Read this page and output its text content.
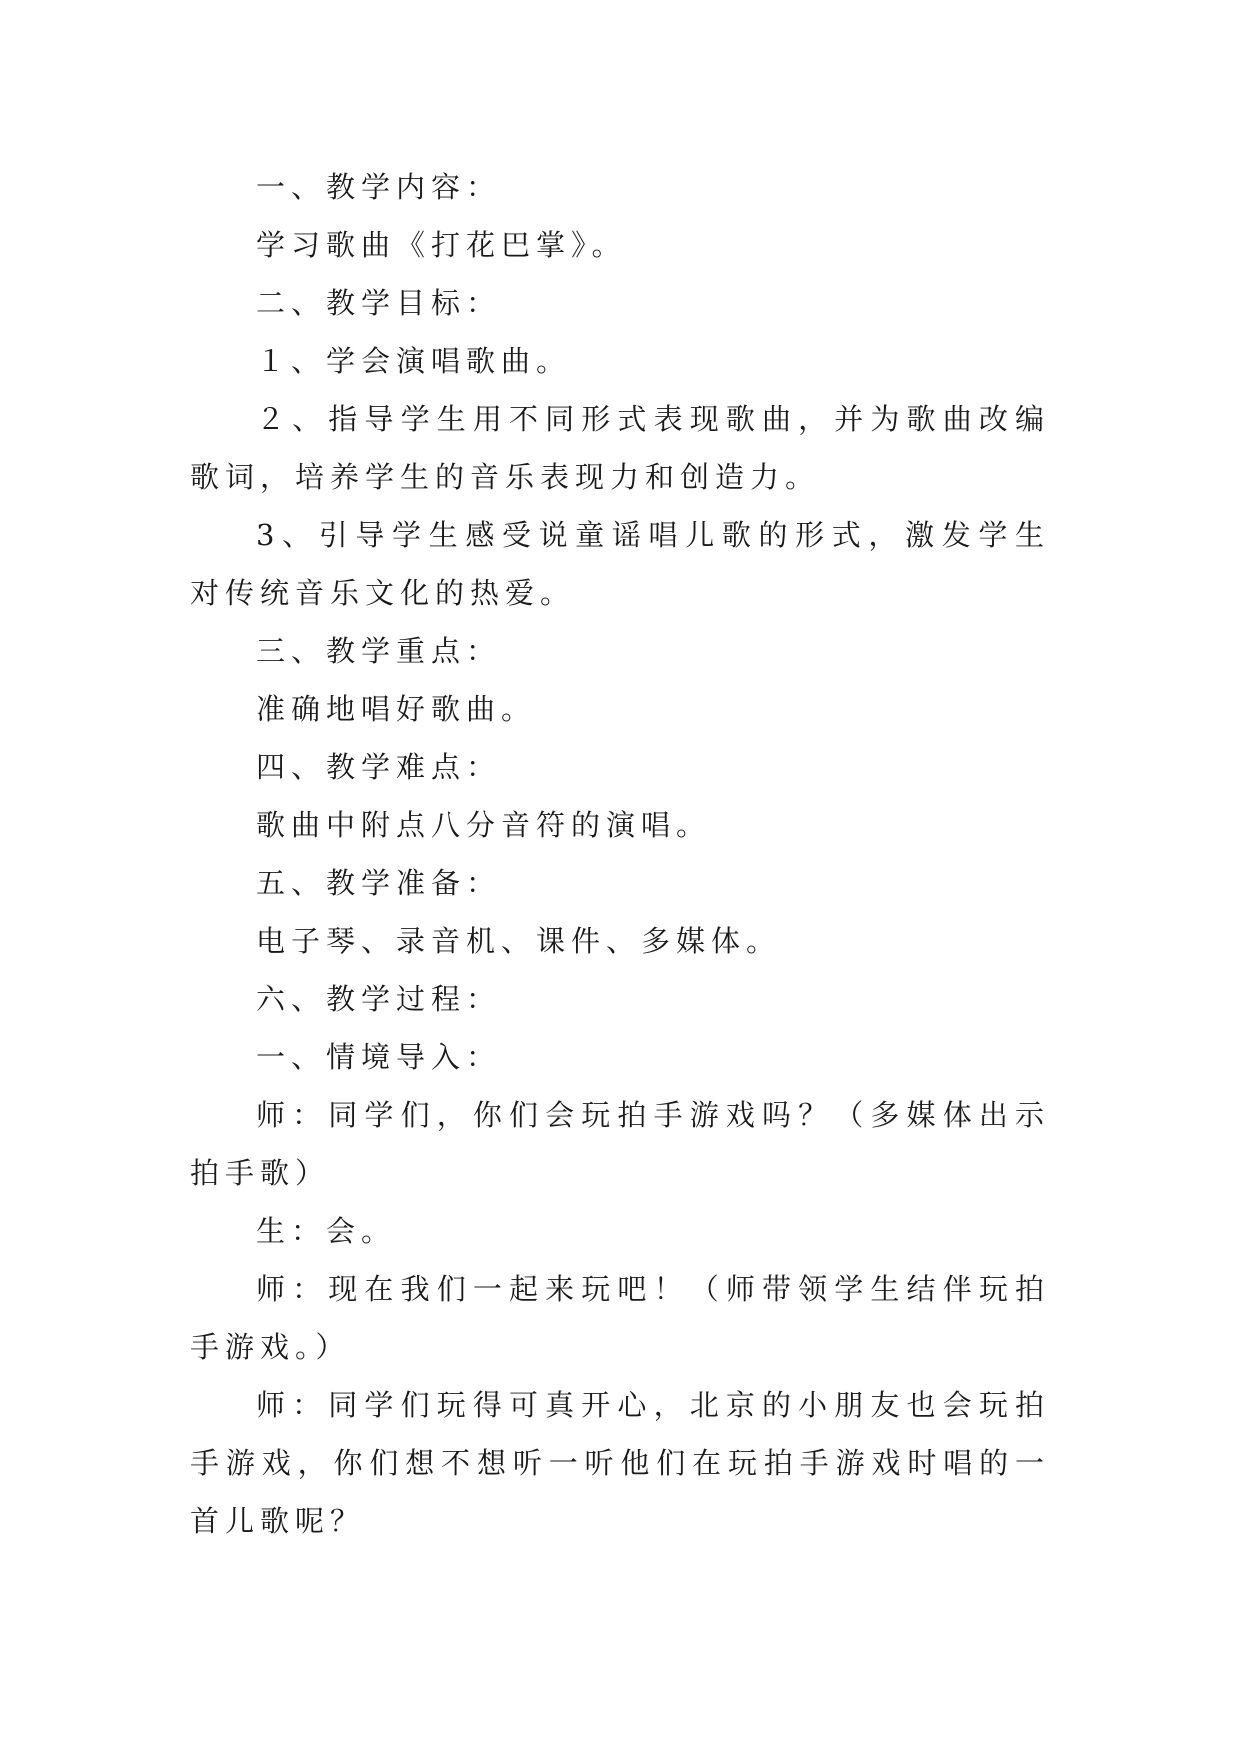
一、教学内容：

学习歌曲《打花巴掌》。

二、教学目标：

１、学会演唱歌曲。

２、指导学生用不同形式表现歌曲，并为歌曲改编歌词，培养学生的音乐表现力和创造力。

3、引导学生感受说童谣唱儿歌的形式，激发学生对传统音乐文化的热爱。

三、教学重点：

准确地唱好歌曲。

四、教学难点：

歌曲中附点八分音符的演唱。

五、教学准备：

电子琴、录音机、课件、多媒体。

六、教学过程：

一、情境导入：

师：同学们，你们会玩拍手游戏吗？（多媒体出示拍手歌）

生：会。

师：现在我们一起来玩吧！（师带领学生结伴玩拍手游戏。）

师：同学们玩得可真开心，北京的小朋友也会玩拍手游戏，你们想不想听一听他们在玩拍手游戏时唱的一首儿歌呢？
